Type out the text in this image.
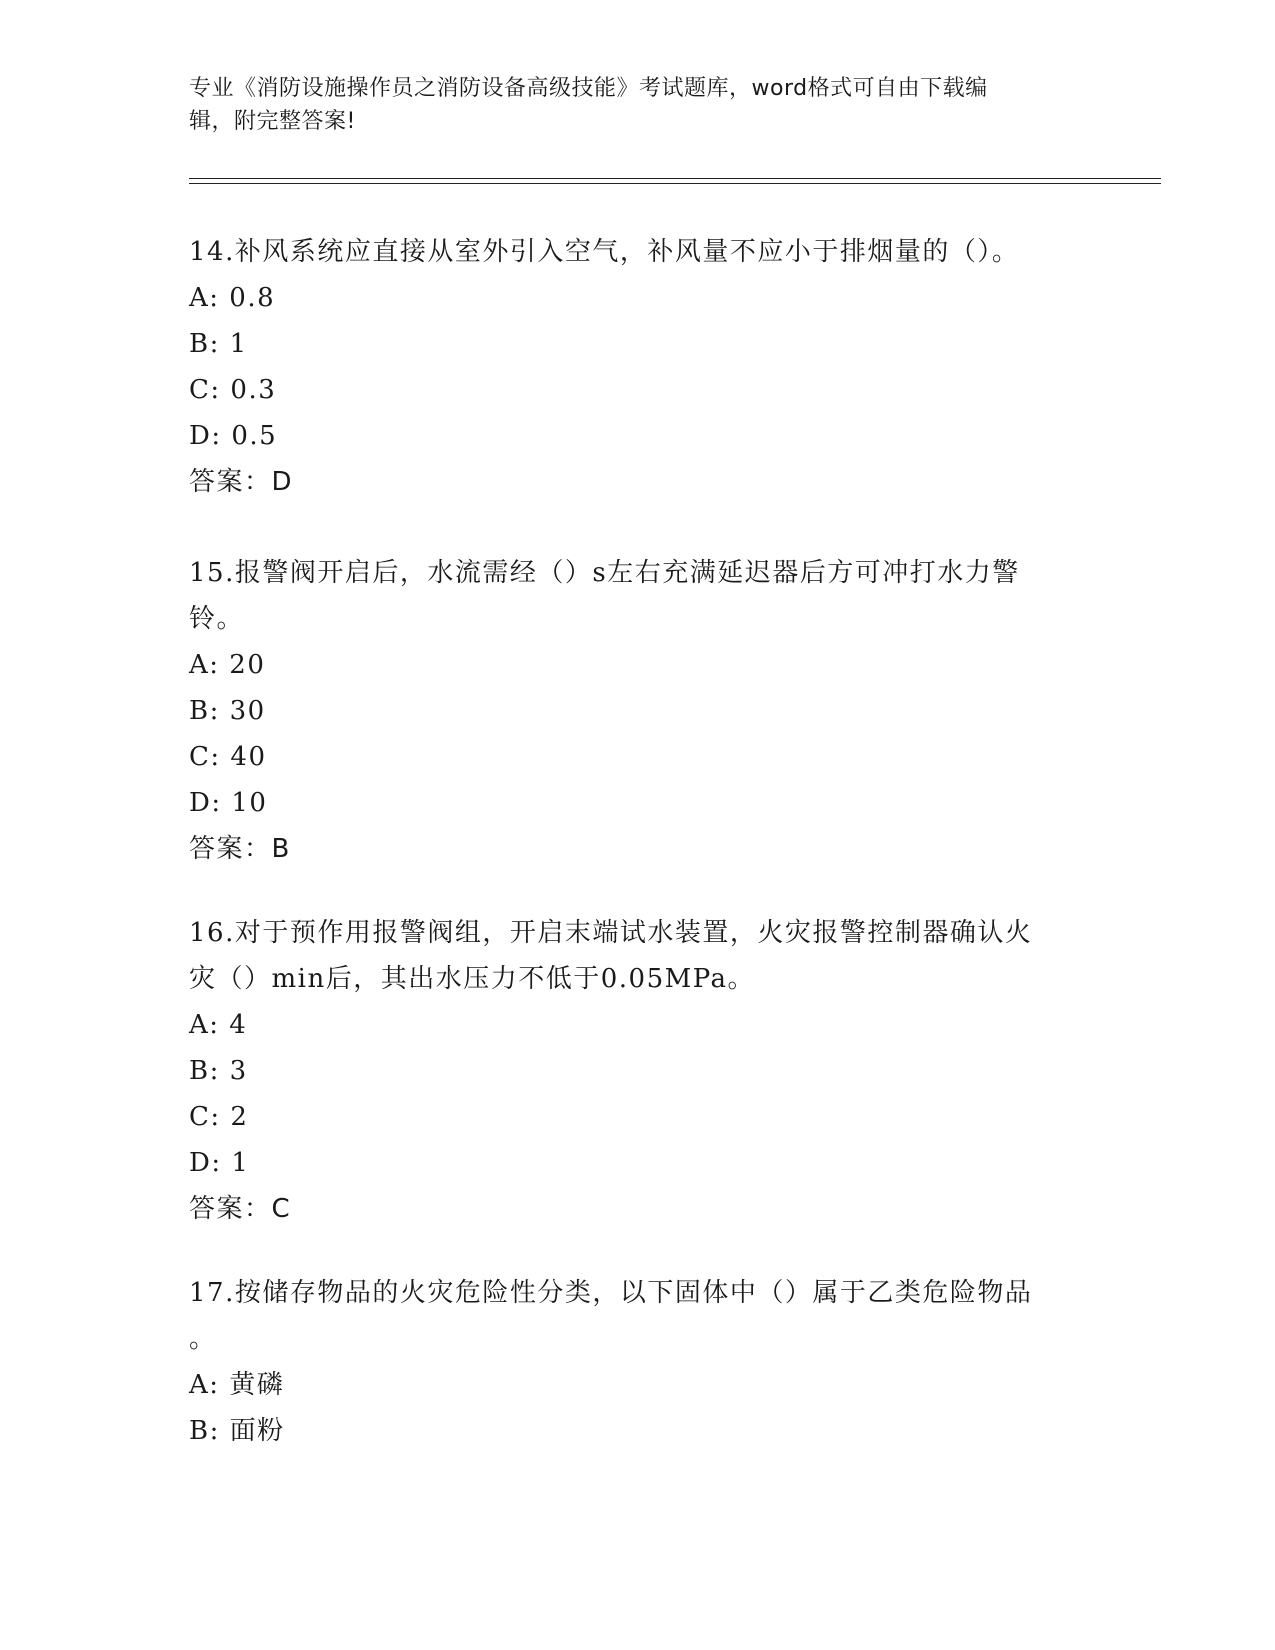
专业《消防设施操作员之消防设备高级技能》考试题库，word格式可自由下载编
辑，附完整答案!

14.补风系统应直接从室外引入空气，补风量不应小于排烟量的（）。

A: 0.8

B: 1

C: 0.3

D: 0.5

答案：D

15.报警阀开启后，水流需经（）s左右充满延迟器后方可冲打水力警

铃。

A: 20

B: 30

C: 40

D: 10

答案：B

16.对于预作用报警阀组，开启末端试水装置，火灾报警控制器确认火

灾（）min后，其出水压力不低于0.05MPa。

A: 4

B: 3

C: 2

D: 1

答案：C

17.按储存物品的火灾危险性分类，以下固体中（）属于乙类危险物品

。

A: 黄磷

B: 面粉
